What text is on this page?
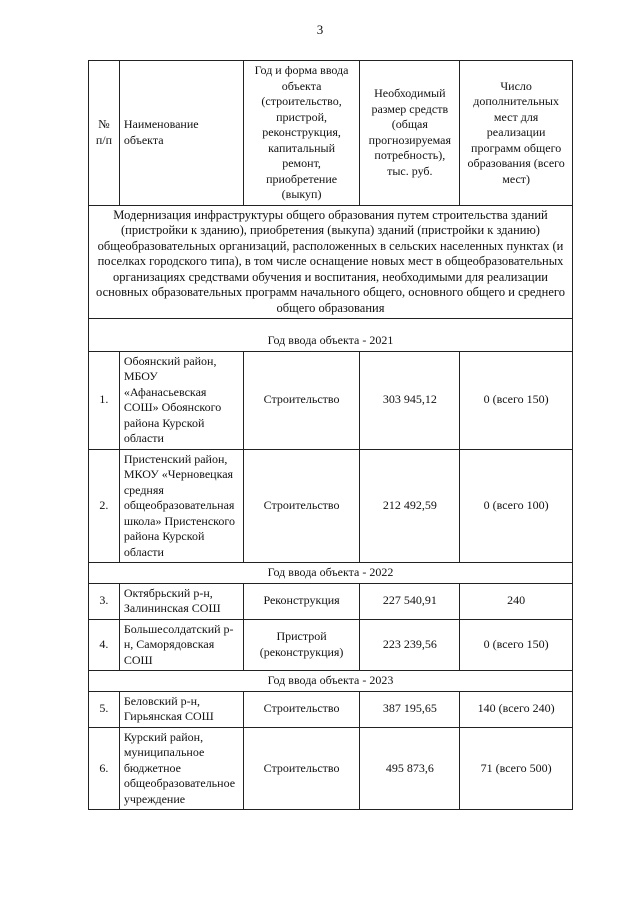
3
№ п/п	Наименование объекта	Год и форма ввода объекта (строительство, пристрой, реконструкция, капитальный ремонт, приобретение (выкуп)	Необходимый размер средств (общая прогнозируемая потребность), тыс. руб.	Число дополнительных мест для реализации программ общего образования (всего мест)
Модернизация инфраструктуры общего образования путем строительства зданий (пристройки к зданию), приобретения (выкупа) зданий (пристройки к зданию) общеобразовательных организаций, расположенных в сельских населенных пунктах (и поселках городского типа), в том числе оснащение новых мест в общеобразовательных организациях средствами обучения и воспитания, необходимыми для реализации основных образовательных программ начального общего, основного общего и среднего общего образования				
Год ввода объекта - 2021				
1.	Обоянский район, МБОУ «Афанасьевская СОШ» Обоянского района Курской области	Строительство	303 945,12	0 (всего 150)
2.	Пристенский район, МКОУ «Черновецкая средняя общеобразовательная школа» Пристенского района Курской области	Строительство	212 492,59	0 (всего 100)
Год ввода объекта - 2022				
3.	Октябрьский р-н, Залининская СОШ	Реконструкция	227 540,91	240
4.	Большесолдатский р-н, Саморядовская СОШ	Пристрой (реконструкция)	223 239,56	0 (всего 150)
Год ввода объекта - 2023				
5.	Беловский р-н, Гирьянская СОШ	Строительство	387 195,65	140 (всего 240)
6.	Курский район, муниципальное бюджетное общеобразовательное учреждение	Строительство	495 873,6	71 (всего 500)
